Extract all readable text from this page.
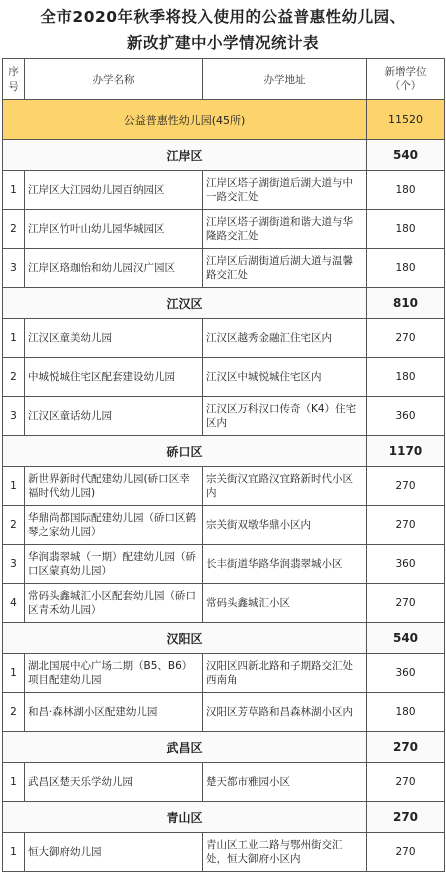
全市2020年秋季将投入使用的公益普惠性幼儿园、
新改扩建中小学情况统计表
序号	办学名称	办学地址	新增学位
（个）
公益普惠性幼儿园(45所)			11520
江岸区			540
1	江岸区大江园幼儿园百纳园区	江岸区塔子湖街道后湖大道与中一路交汇处	180
2	江岸区竹叶山幼儿园华城园区	江岸区塔子湖街道和谐大道与华隆路交汇处	180
3	江岸区珞珈怡和幼儿园汉广园区	江岸区后湖街道后湖大道与温馨路交汇处	180
江汉区			810
1	江汉区童美幼儿园	江汉区越秀金融汇住宅区内	270
2	中城悦城住宅区配套建设幼儿园	江汉区中城悦城住宅区内	180
3	江汉区童话幼儿园	江汉区万科汉口传奇（K4）住宅区内	360
硚口区			1170
1	新世界新时代配建幼儿园(硚口区幸福时代幼儿园)	宗关街汉宜路汉宜路新时代小区内	270
2	华鼎尚都国际配建幼儿园（硚口区鹤琴之家幼儿园）	宗关街双墩华鼎小区内	270
3	华润翡翠城（一期）配建幼儿园（硚口区蒙真幼儿园）	长丰街道华路华润翡翠城小区	360
4	常码头鑫城汇小区配套幼儿园（硚口区青禾幼儿园）	常码头鑫城汇小区	270
汉阳区			540
1	湖北国展中心广场二期（B5、B6）项目配建幼儿园	汉阳区四新北路和子期路交汇处西南角	360
2	和昌·森林湖小区配建幼儿园	汉阳区芳草路和昌森林湖小区内	180
武昌区			270
1	武昌区楚天乐学幼儿园	楚天都市雅园小区	270
青山区			270
1	恒大御府幼儿园	青山区工业二路与鄂州街交汇处，恒大御府小区内	270
